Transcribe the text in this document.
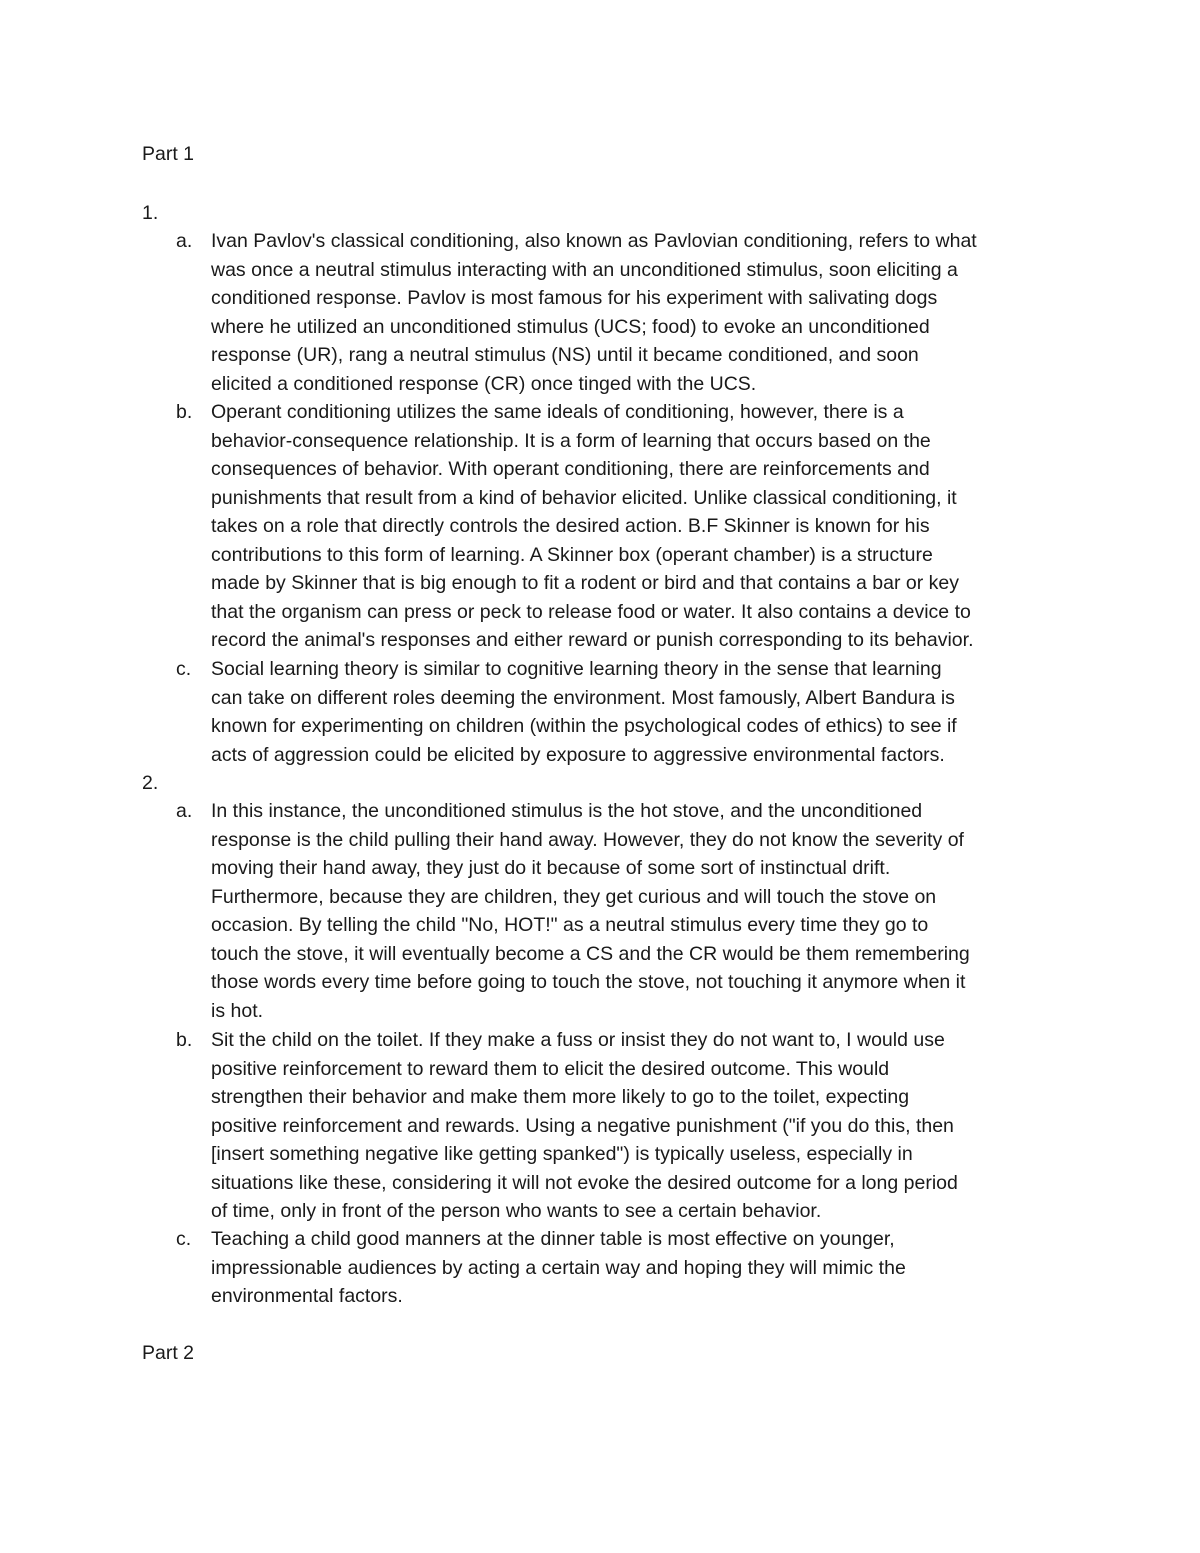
Part 1
1.
a. Ivan Pavlov's classical conditioning, also known as Pavlovian conditioning, refers to what
was once a neutral stimulus interacting with an unconditioned stimulus, soon eliciting a
conditioned response. Pavlov is most famous for his experiment with salivating dogs
where he utilized an unconditioned stimulus (UCS; food) to evoke an unconditioned
response (UR), rang a neutral stimulus (NS) until it became conditioned, and soon
elicited a conditioned response (CR) once tinged with the UCS.
b. Operant conditioning utilizes the same ideals of conditioning, however, there is a
behavior-consequence relationship. It is a form of learning that occurs based on the
consequences of behavior. With operant conditioning, there are reinforcements and
punishments that result from a kind of behavior elicited. Unlike classical conditioning, it
takes on a role that directly controls the desired action. B.F Skinner is known for his
contributions to this form of learning. A Skinner box (operant chamber) is a structure
made by Skinner that is big enough to fit a rodent or bird and that contains a bar or key
that the organism can press or peck to release food or water. It also contains a device to
record the animal's responses and either reward or punish corresponding to its behavior.
c.	Social learning theory is similar to cognitive learning theory in the sense that learning
can take on different roles deeming the environment. Most famously, Albert Bandura is
known for experimenting on children (within the psychological codes of ethics) to see if
acts of aggression could be elicited by exposure to aggressive environmental factors.
2.
a. In this instance, the unconditioned stimulus is the hot stove, and the unconditioned
response is the child pulling their hand away. However, they do not know the severity of
moving their hand away, they just do it because of some sort of instinctual drift.
Furthermore, because they are children, they get curious and will touch the stove on
occasion. By telling the child "No, HOT!" as a neutral stimulus every time they go to
touch the stove, it will eventually become a CS and the CR would be them remembering
those words every time before going to touch the stove, not touching it anymore when it
is hot.
b. Sit the child on the toilet. If they make a fuss or insist they do not want to, I would use
positive reinforcement to reward them to elicit the desired outcome. This would
strengthen their behavior and make them more likely to go to the toilet, expecting
positive reinforcement and rewards. Using a negative punishment ("if you do this, then
[insert something negative like getting spanked") is typically useless, especially in
situations like these, considering it will not evoke the desired outcome for a long period
of time, only in front of the person who wants to see a certain behavior.
c.	Teaching a child good manners at the dinner table is most effective on younger,
impressionable audiences by acting a certain way and hoping they will mimic the
environmental factors.
Part 2
